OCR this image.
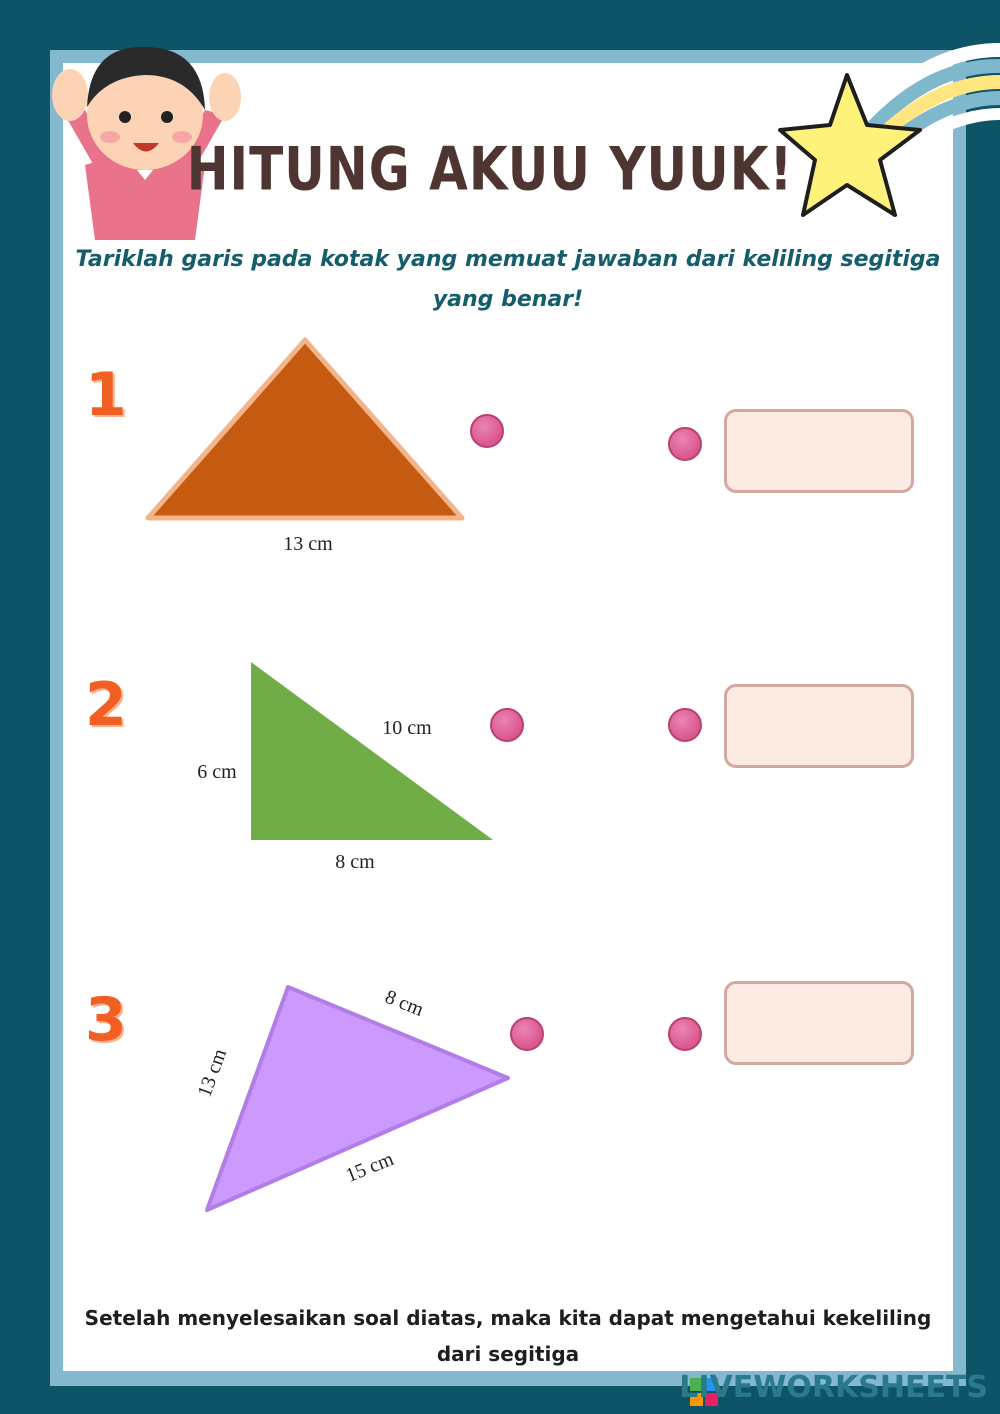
HITUNG AKUU YUUK!
Tariklah garis pada kotak yang memuat jawaban dari keliling segitiga yang benar!
1
13 cm
2	10 cm
6 cm
8 cm
3	8 cm
13 cm
15 cm
Setelah menyelesaikan soal diatas, maka kita dapat mengetahui kekeliling dari segitiga
LIVEWORKSHEETS
